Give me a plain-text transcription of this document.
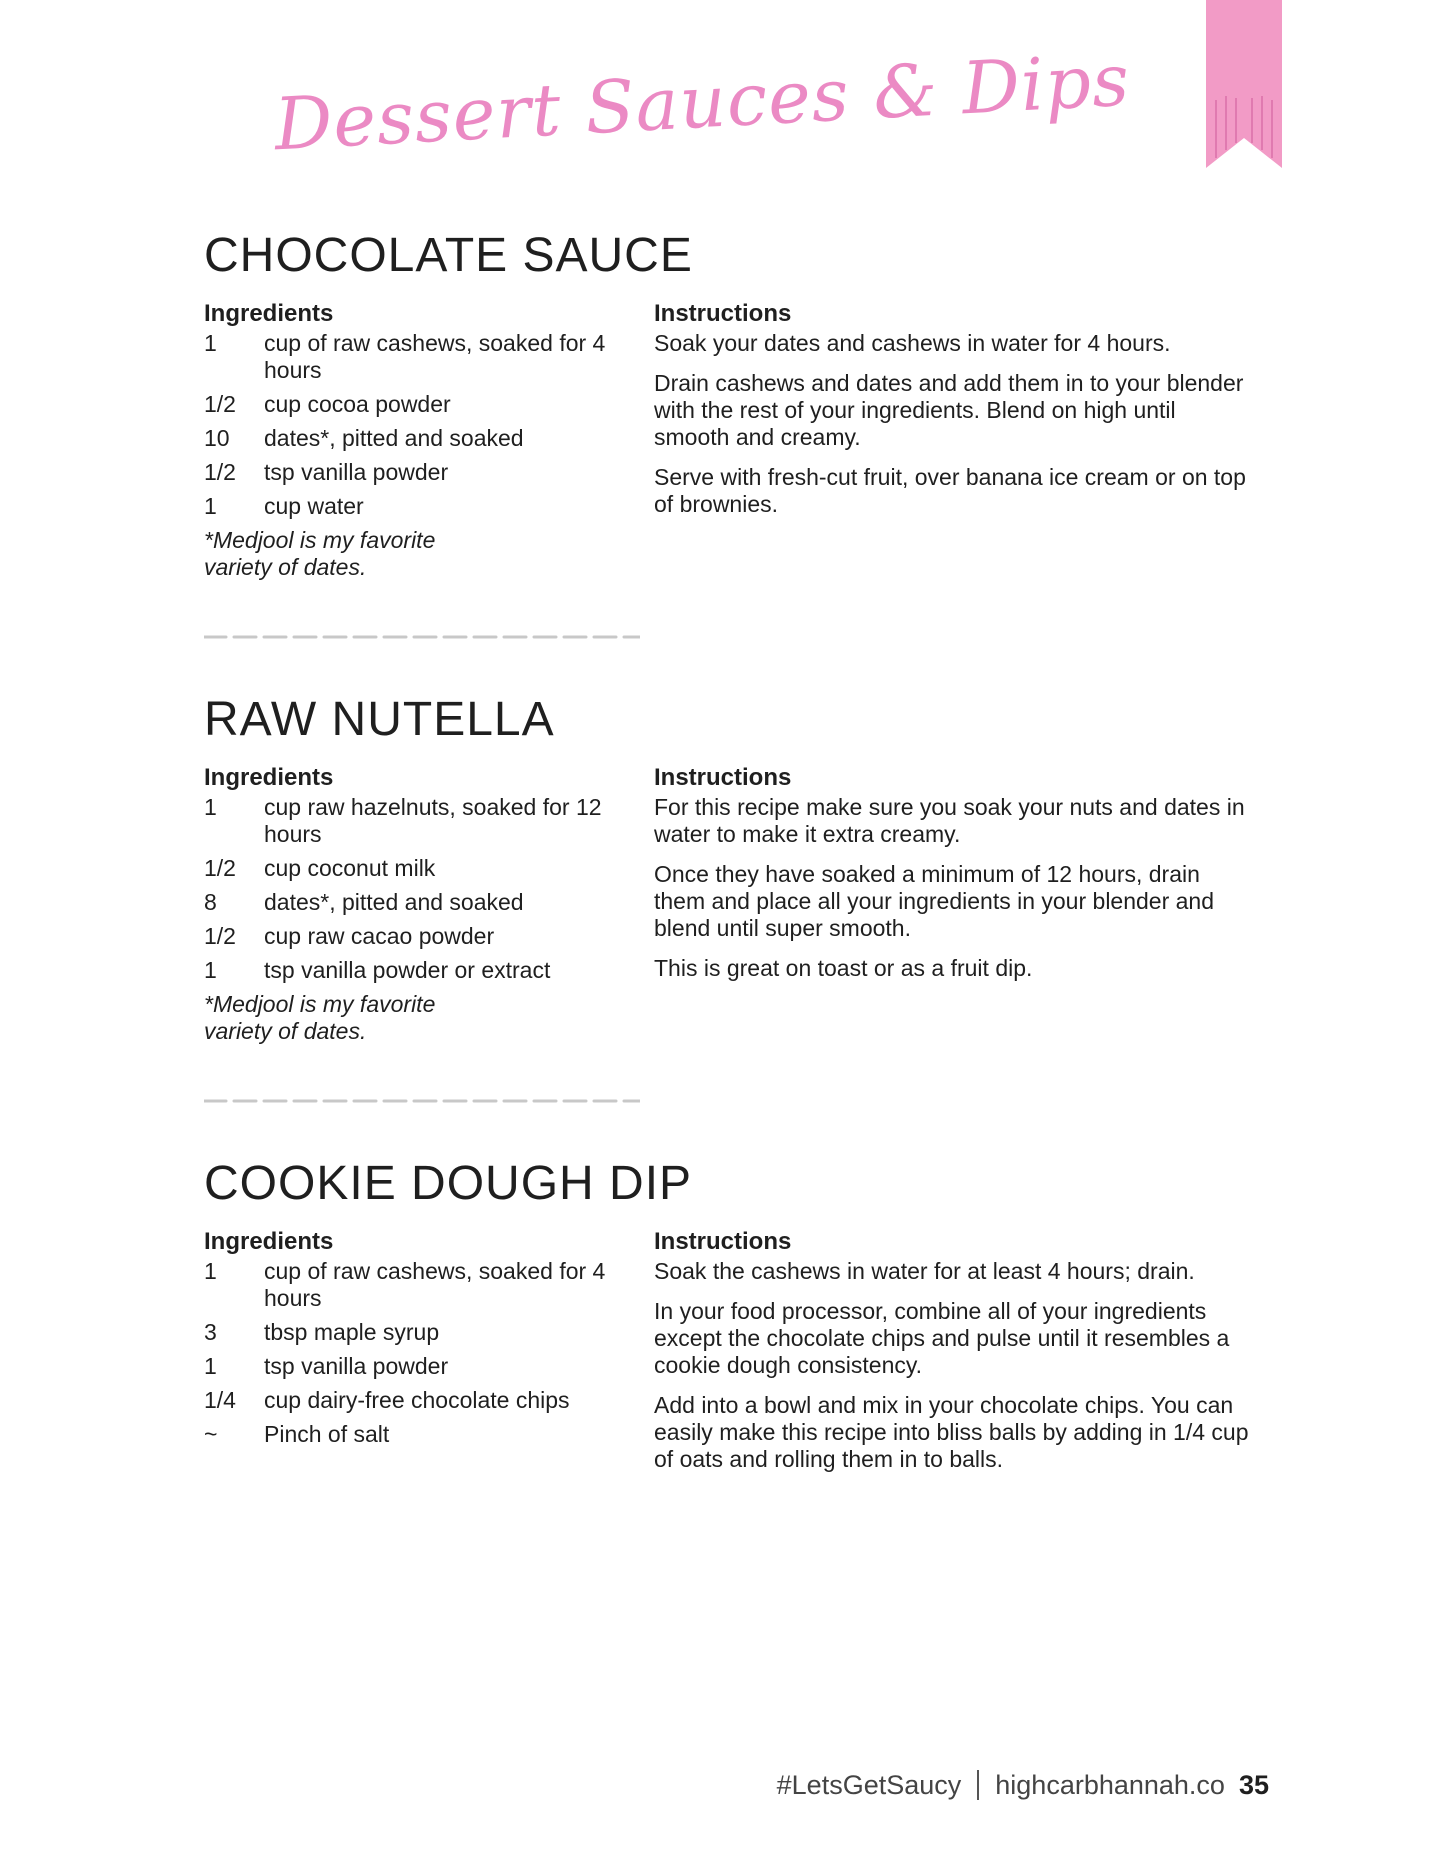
Dessert Sauces & Dips
CHOCOLATE SAUCE
Ingredients
1	cup of raw cashews, soaked for 4 hours
1/2	cup cocoa powder
10	dates*, pitted and soaked
1/2	tsp vanilla powder
1	cup water

*Medjool is my favorite variety of dates.

Instructions

Soak your dates and cashews in water for 4 hours.

Drain cashews and dates and add them in to your blender with the rest of your ingredients. Blend on high until smooth and creamy.

Serve with fresh-cut fruit, over banana ice cream or on top of brownies.

RAW NUTELLA
Ingredients
1	cup raw hazelnuts, soaked for 12 hours
1/2	cup coconut milk
8	dates*, pitted and soaked
1/2	cup raw cacao powder
1	tsp vanilla powder or extract

*Medjool is my favorite variety of dates.

Instructions

For this recipe make sure you soak your nuts and dates in water to make it extra creamy.

Once they have soaked a minimum of 12 hours, drain them and place all your ingredients in your blender and blend until super smooth.

This is great on toast or as a fruit dip.

COOKIE DOUGH DIP
Ingredients
1	cup of raw cashews, soaked for 4 hours
3	tbsp maple syrup
1	tsp vanilla powder
1/4	cup dairy-free chocolate chips
~	Pinch of salt
Instructions

Soak the cashews in water for at least 4 hours; drain.

In your food processor, combine all of your ingredients except the chocolate chips and pulse until it resembles a cookie dough consistency.

Add into a bowl and mix in your chocolate chips. You can easily make this recipe into bliss balls by adding in 1/4 cup of oats and rolling them in to balls.

#LetsGetSaucy highcarbhannah.co 35
